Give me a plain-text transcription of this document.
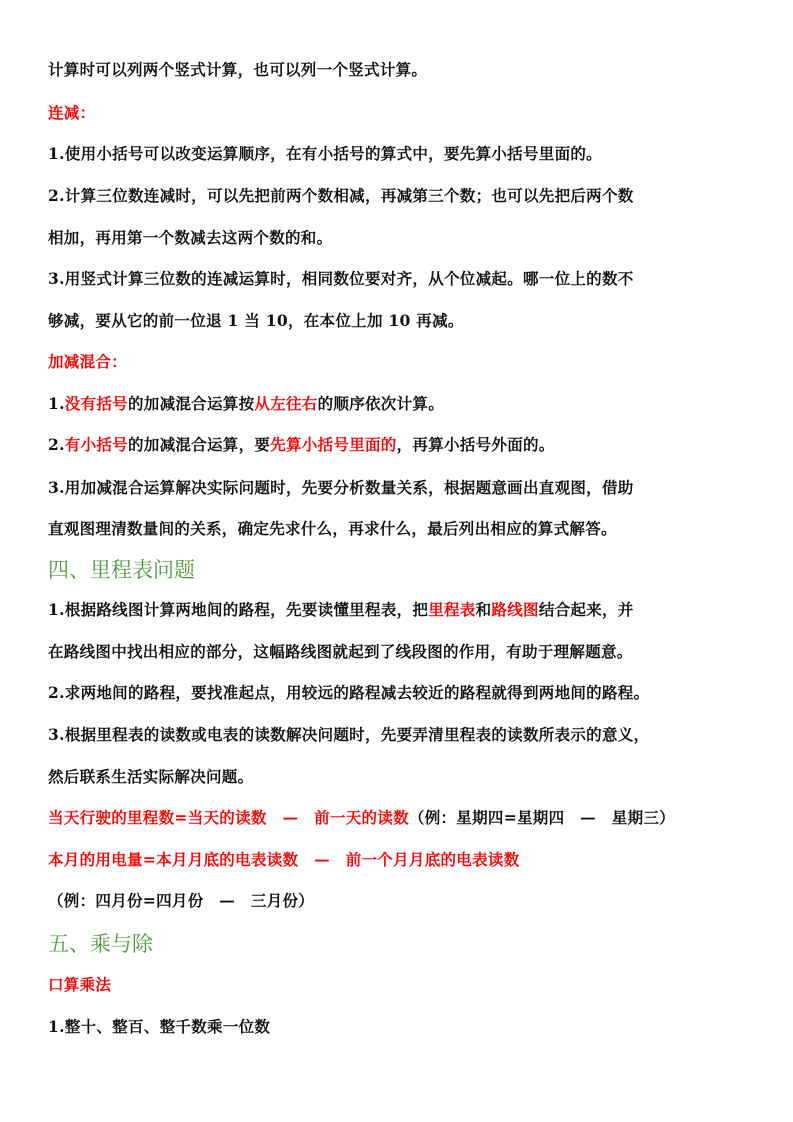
计算时可以列两个竖式计算，也可以列一个竖式计算。
连减：
1.使用小括号可以改变运算顺序，在有小括号的算式中，要先算小括号里面的。
2.计算三位数连减时，可以先把前两个数相减，再减第三个数；也可以先把后两个数
相加，再用第一个数减去这两个数的和。
3.用竖式计算三位数的连减运算时，相同数位要对齐，从个位减起。哪一位上的数不
够减，要从它的前一位退 1 当 10，在本位上加 10 再减。
加减混合：
1.没有括号的加减混合运算按从左往右的顺序依次计算。
2.有小括号的加减混合运算，要先算小括号里面的，再算小括号外面的。
3.用加减混合运算解决实际问题时，先要分析数量关系，根据题意画出直观图，借助
直观图理清数量间的关系，确定先求什么，再求什么，最后列出相应的算式解答。
四、里程表问题
1.根据路线图计算两地间的路程，先要读懂里程表，把里程表和路线图结合起来，并
在路线图中找出相应的部分，这幅路线图就起到了线段图的作用，有助于理解题意。
2.求两地间的路程，要找准起点，用较远的路程减去较近的路程就得到两地间的路程。
3.根据里程表的读数或电表的读数解决问题时，先要弄清里程表的读数所表示的意义，
然后联系生活实际解决问题。
当天行驶的里程数=当天的读数　—　前一天的读数（例：星期四=星期四　—　星期三）
本月的用电量=本月月底的电表读数　—　前一个月月底的电表读数
（例：四月份=四月份　—　三月份）
五、乘与除
口算乘法
1.整十、整百、整千数乘一位数
